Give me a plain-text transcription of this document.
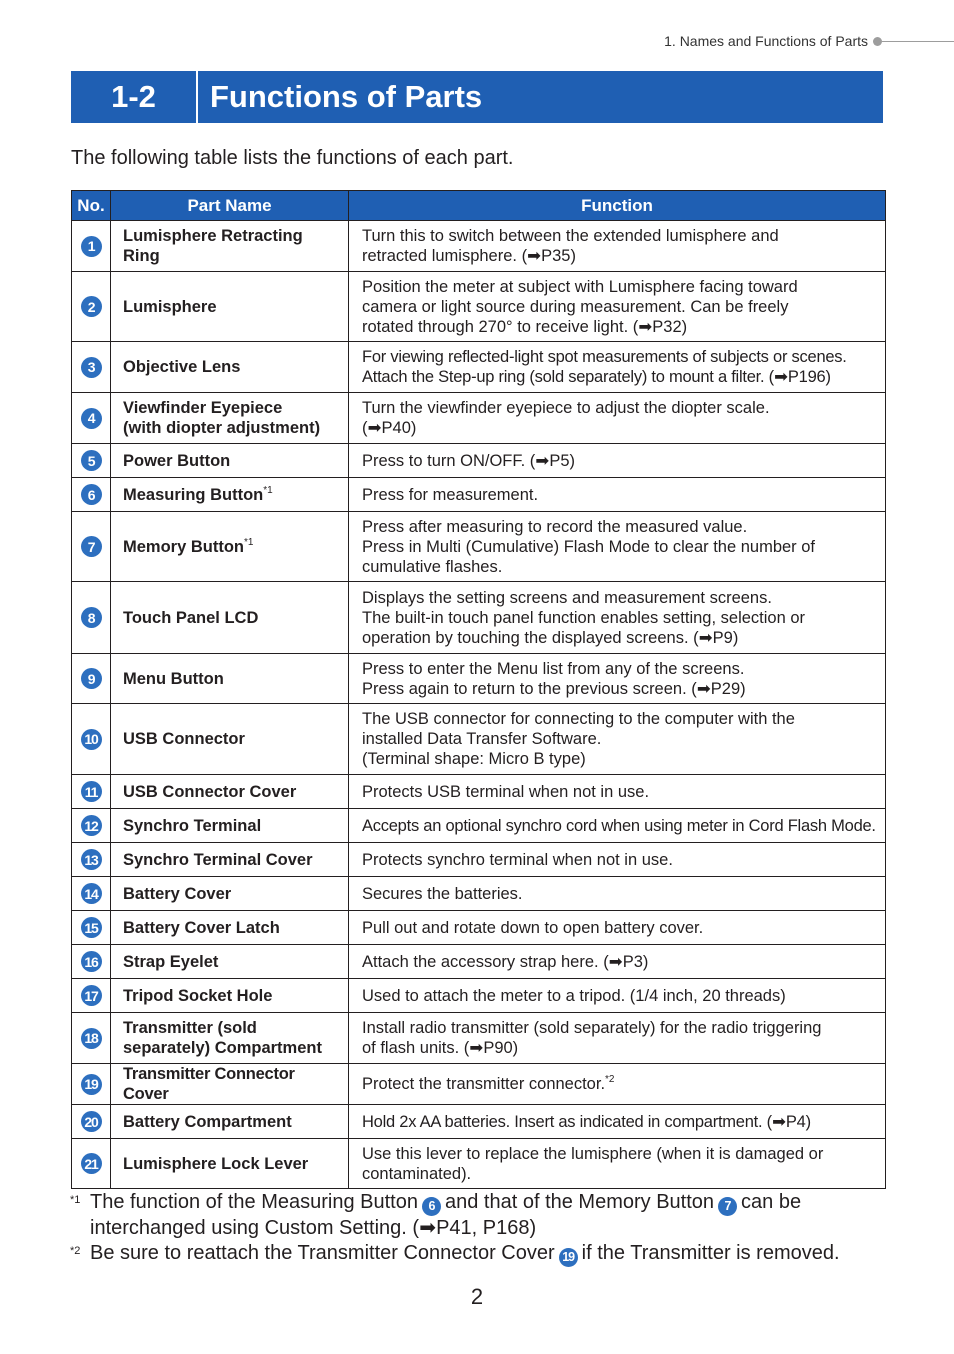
1. Names and Functions of Parts
1-2	Functions of Parts
The following table lists the functions of each part.
No.	Part Name	Function
1	Lumisphere Retracting Ring	Turn this to switch between the extended lumisphere and
retracted lumisphere. (➡P35)
2	Lumisphere	Position the meter at subject with Lumisphere facing toward
camera or light source during measurement. Can be freely
rotated through 270° to receive light. (➡P32)
3	Objective Lens	For viewing reflected-light spot measurements of subjects or scenes.
Attach the Step-up ring (sold separately) to mount a filter. (➡P196)
4	Viewfinder Eyepiece
(with diopter adjustment)	Turn the viewfinder eyepiece to adjust the diopter scale.
(➡P40)
5	Power Button	Press to turn ON/OFF. (➡P5)
6	Measuring Button$^{*1}$	Press for measurement.
7	Memory Button$^{*1}$	Press after measuring to record the measured value.
Press in Multi (Cumulative) Flash Mode to clear the number of
cumulative flashes.
8	Touch Panel LCD	Displays the setting screens and measurement screens.
The built-in touch panel function enables setting, selection or
operation by touching the displayed screens. (➡P9)
9	Menu Button	Press to enter the Menu list from any of the screens.
Press again to return to the previous screen. (➡P29)
10	USB Connector	The USB connector for connecting to the computer with the
installed Data Transfer Software.
(Terminal shape: Micro B type)
11	USB Connector Cover	Protects USB terminal when not in use.
12	Synchro Terminal	Accepts an optional synchro cord when using meter in Cord Flash Mode.
13	Synchro Terminal Cover	Protects synchro terminal when not in use.
14	Battery Cover	Secures the batteries.
15	Battery Cover Latch	Pull out and rotate down to open battery cover.
16	Strap Eyelet	Attach the accessory strap here. (➡P3)
17	Tripod Socket Hole	Used to attach the meter to a tripod. (1/4 inch, 20 threads)
18	Transmitter (sold
separately) Compartment	Install radio transmitter (sold separately) for the radio triggering
of flash units. (➡P90)
19	Transmitter Connector Cover	Protect the transmitter connector.$^{*2}$
20	Battery Compartment	Hold 2x AA batteries. Insert as indicated in compartment. (➡P4)
21	Lumisphere Lock Lever	Use this lever to replace the lumisphere (when it is damaged or
contaminated).
*1 The function of the Measuring Button 6 and that of the Memory Button 7 can be
interchanged using Custom Setting. (➡P41, P168)
*2 Be sure to reattach the Transmitter Connector Cover 19 if the Transmitter is removed.
2
